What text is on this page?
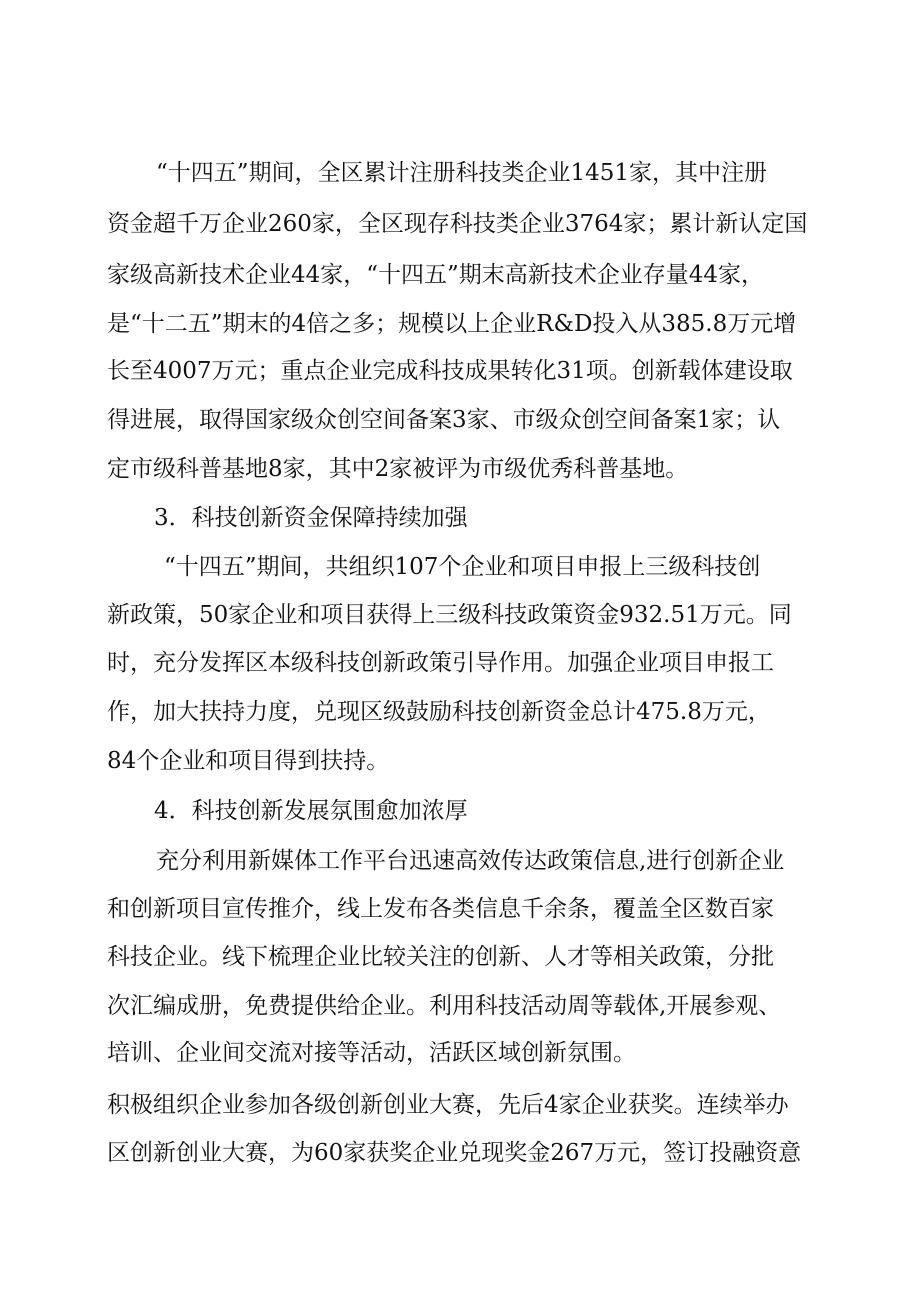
“十四五”期间，全区累计注册科技类企业1451家，其中注册

资金超千万企业260家，全区现存科技类企业3764家；累计新认定国

家级高新技术企业44家，“十四五”期末高新技术企业存量44家，

是“十二五”期末的4倍之多；规模以上企业R&D投入从385.8万元增

长至4007万元；重点企业完成科技成果转化31项。创新载体建设取

得进展，取得国家级众创空间备案3家、市级众创空间备案1家；认

定市级科普基地8家，其中2家被评为市级优秀科普基地。

3．科技创新资金保障持续加强

“十四五”期间，共组织107个企业和项目申报上三级科技创

新政策，50家企业和项目获得上三级科技政策资金932.51万元。同

时，充分发挥区本级科技创新政策引导作用。加强企业项目申报工

作，加大扶持力度，兑现区级鼓励科技创新资金总计475.8万元，

84个企业和项目得到扶持。

4．科技创新发展氛围愈加浓厚

充分利用新媒体工作平台迅速高效传达政策信息,进行创新企业

和创新项目宣传推介，线上发布各类信息千余条，覆盖全区数百家

科技企业。线下梳理企业比较关注的创新、人才等相关政策，分批

次汇编成册，免费提供给企业。利用科技活动周等载体,开展参观、

培训、企业间交流对接等活动，活跃区域创新氛围。

积极组织企业参加各级创新创业大赛，先后4家企业获奖。连续举办

区创新创业大赛，为60家获奖企业兑现奖金267万元，签订投融资意
